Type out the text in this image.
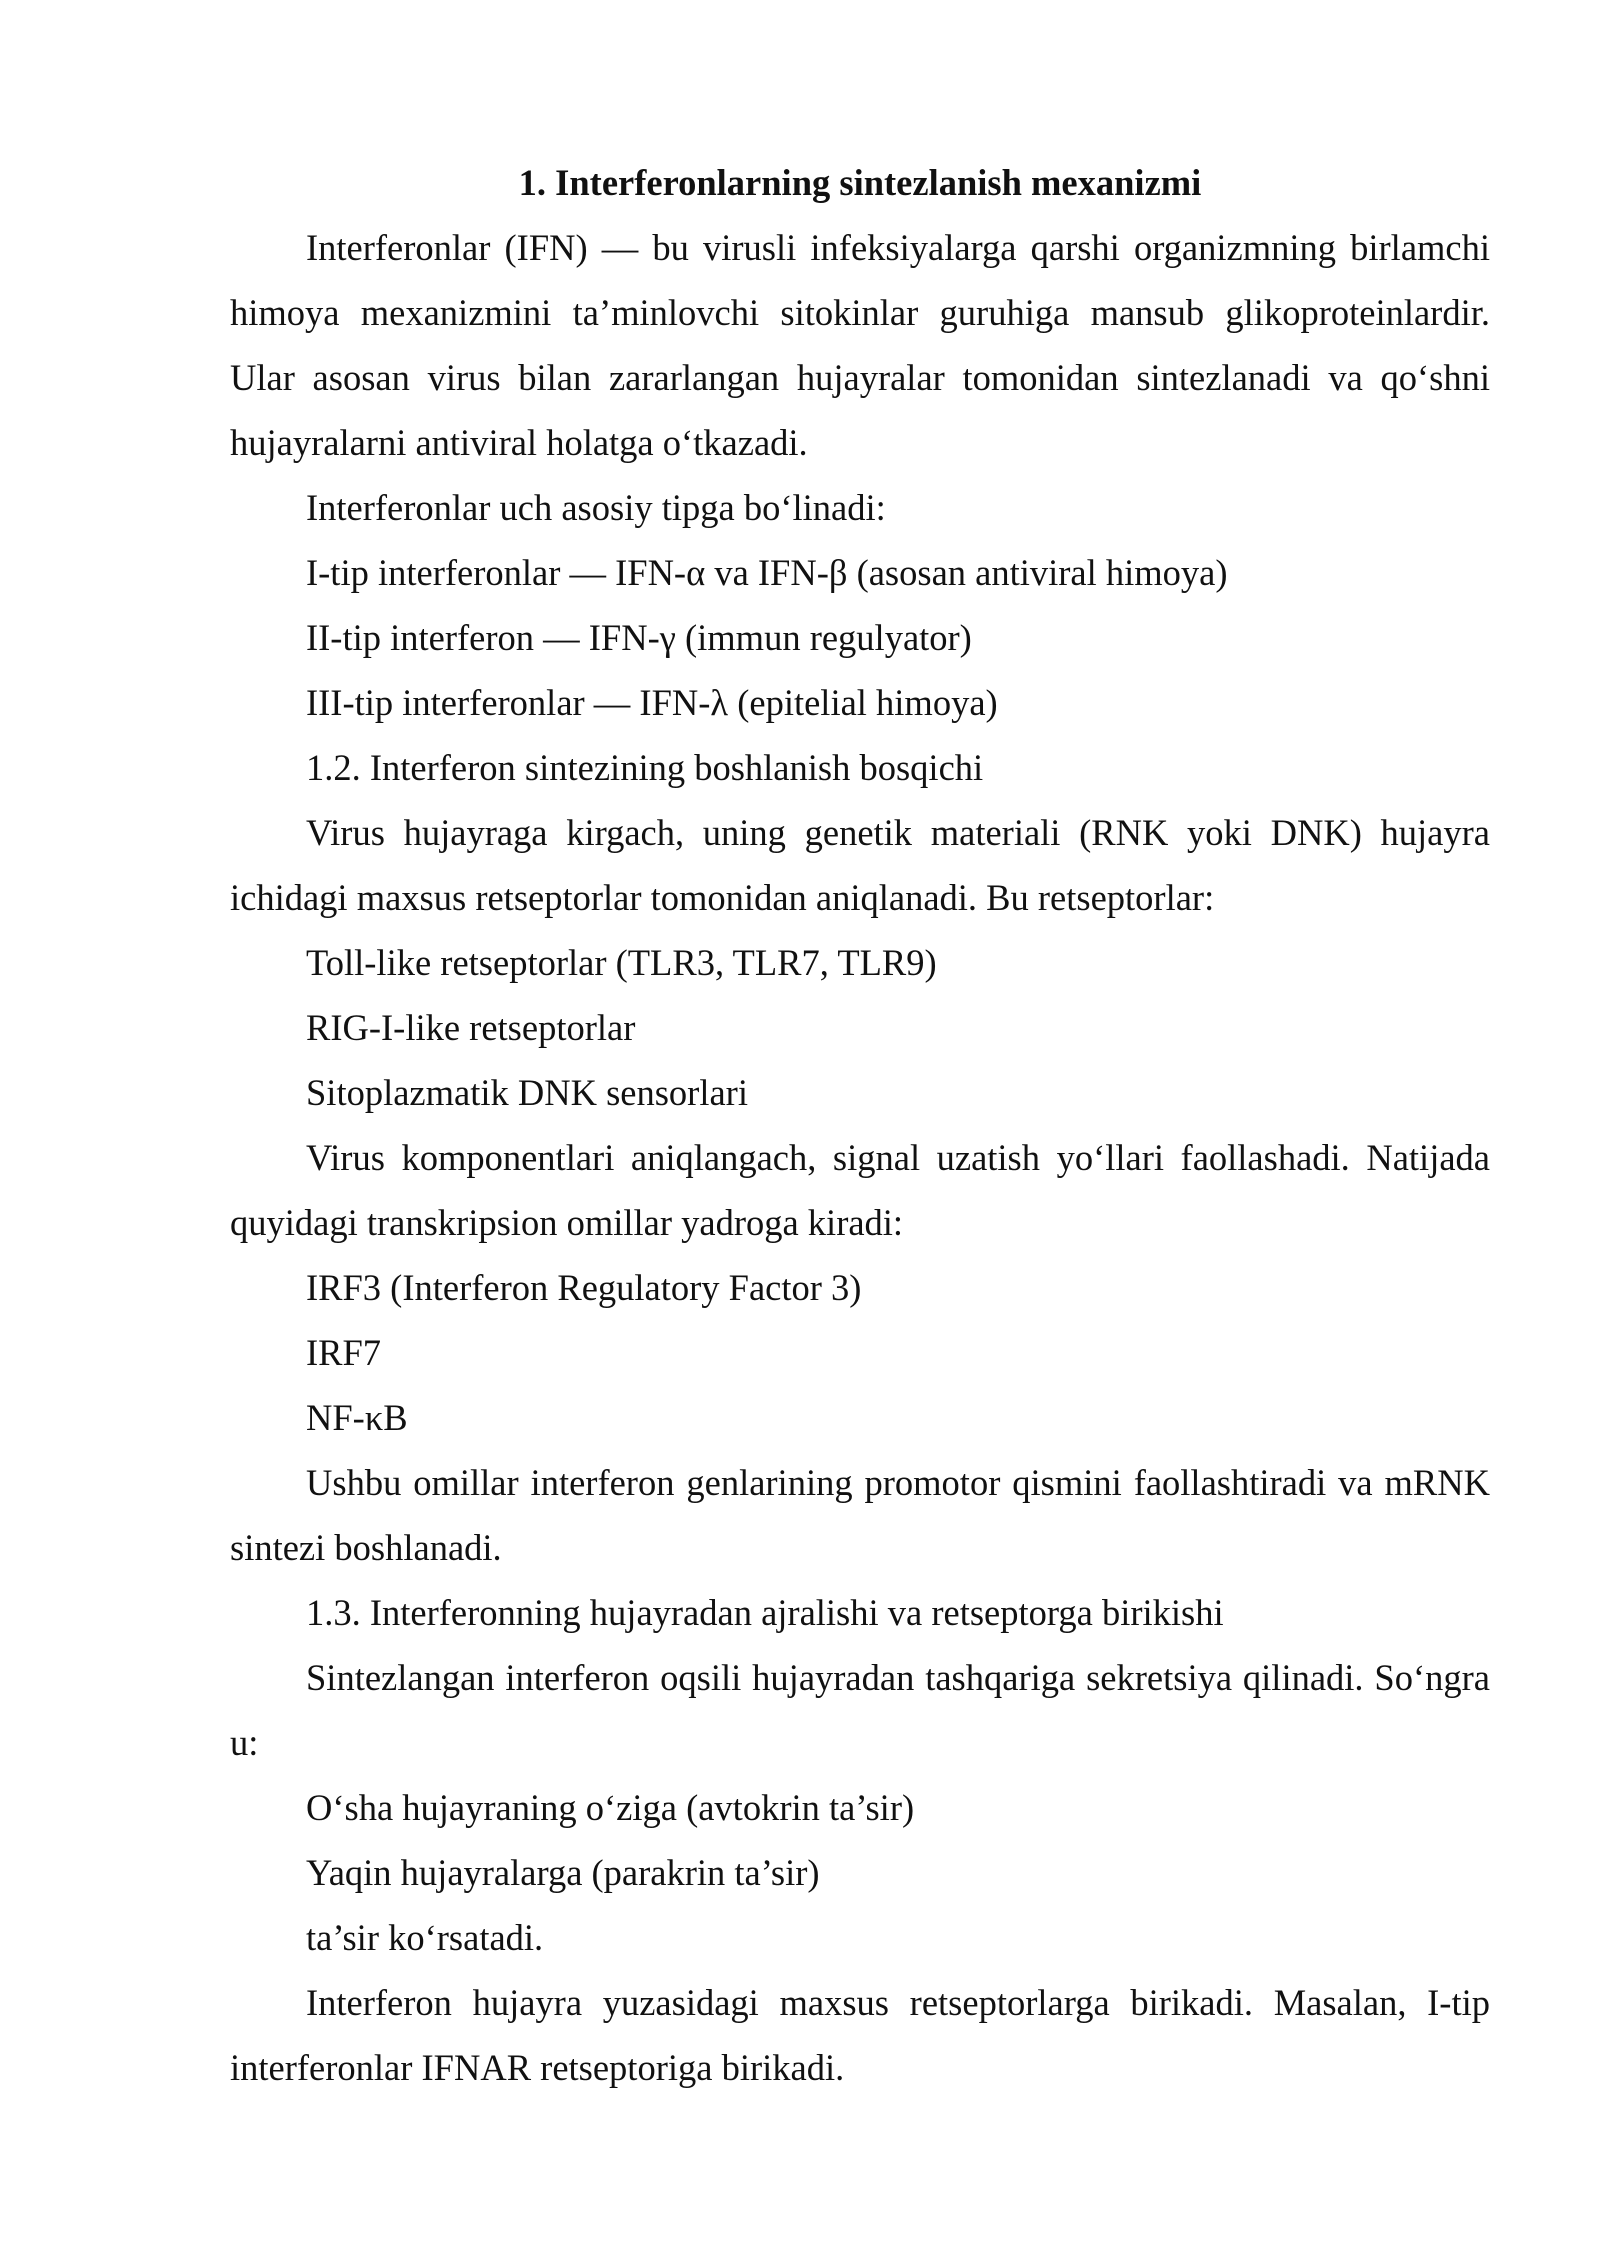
1. Interferonlarning sintezlanish mexanizmi

Interferonlar (IFN) — bu virusli infeksiyalarga qarshi organizmning birlamchi himoya mexanizmini ta’minlovchi sitokinlar guruhiga mansub glikoproteinlardir. Ular asosan virus bilan zararlangan hujayralar tomonidan sintezlanadi va qo‘shni hujayralarni antiviral holatga o‘tkazadi.

Interferonlar uch asosiy tipga bo‘linadi:

I-tip interferonlar — IFN-α va IFN-β (asosan antiviral himoya)

II-tip interferon — IFN-γ (immun regulyator)

III-tip interferonlar — IFN-λ (epitelial himoya)

1.2. Interferon sintezining boshlanish bosqichi

Virus hujayraga kirgach, uning genetik materiali (RNK yoki DNK) hujayra ichidagi maxsus retseptorlar tomonidan aniqlanadi. Bu retseptorlar:

Toll-like retseptorlar (TLR3, TLR7, TLR9)

RIG-I-like retseptorlar

Sitoplazmatik DNK sensorlari

Virus komponentlari aniqlangach, signal uzatish yo‘llari faollashadi. Natijada quyidagi transkripsion omillar yadroga kiradi:

IRF3 (Interferon Regulatory Factor 3)

IRF7

NF-κB

Ushbu omillar interferon genlarining promotor qismini faollashtiradi va mRNK sintezi boshlanadi.

1.3. Interferonning hujayradan ajralishi va retseptorga birikishi

Sintezlangan interferon oqsili hujayradan tashqariga sekretsiya qilinadi. So‘ngra u:

O‘sha hujayraning o‘ziga (avtokrin ta’sir)

Yaqin hujayralarga (parakrin ta’sir)

ta’sir ko‘rsatadi.

Interferon hujayra yuzasidagi maxsus retseptorlarga birikadi. Masalan, I-tip interferonlar IFNAR retseptoriga birikadi.
